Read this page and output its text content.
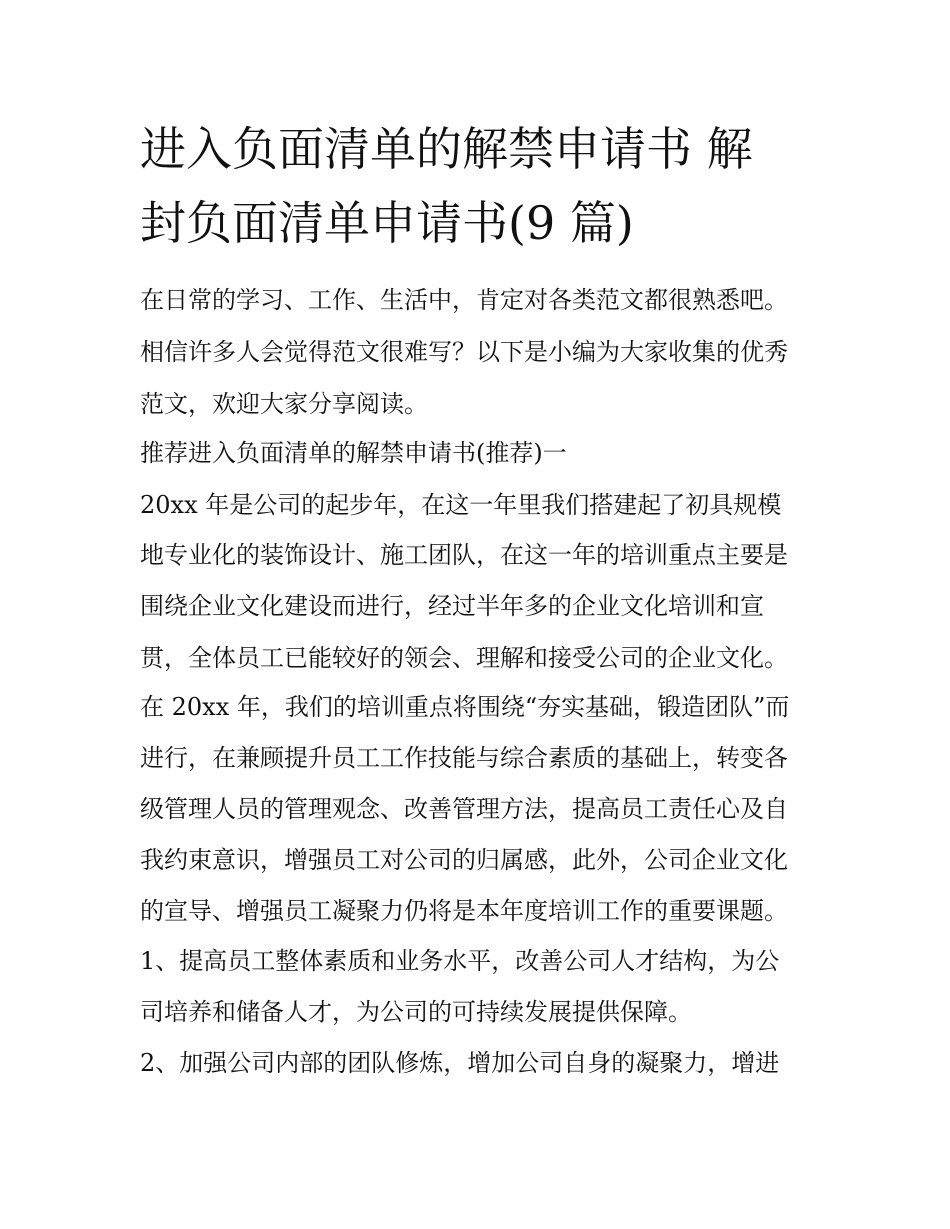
进入负面清单的解禁申请书 解
封负面清单申请书(9 篇)

在日常的学习、工作、生活中，肯定对各类范文都很熟悉吧。

相信许多人会觉得范文很难写？以下是小编为大家收集的优秀

范文，欢迎大家分享阅读。

推荐进入负面清单的解禁申请书(推荐)一

20xx 年是公司的起步年，在这一年里我们搭建起了初具规模

地专业化的装饰设计、施工团队，在这一年的培训重点主要是

围绕企业文化建设而进行，经过半年多的企业文化培训和宣

贯，全体员工已能较好的领会、理解和接受公司的企业文化。

在 20xx 年，我们的培训重点将围绕“夯实基础，锻造团队”而

进行，在兼顾提升员工工作技能与综合素质的基础上，转变各

级管理人员的管理观念、改善管理方法，提高员工责任心及自

我约束意识，增强员工对公司的归属感，此外，公司企业文化

的宣导、增强员工凝聚力仍将是本年度培训工作的重要课题。

1、提高员工整体素质和业务水平，改善公司人才结构，为公

司培养和储备人才，为公司的可持续发展提供保障。

2、加强公司内部的团队修炼，增加公司自身的凝聚力，增进
